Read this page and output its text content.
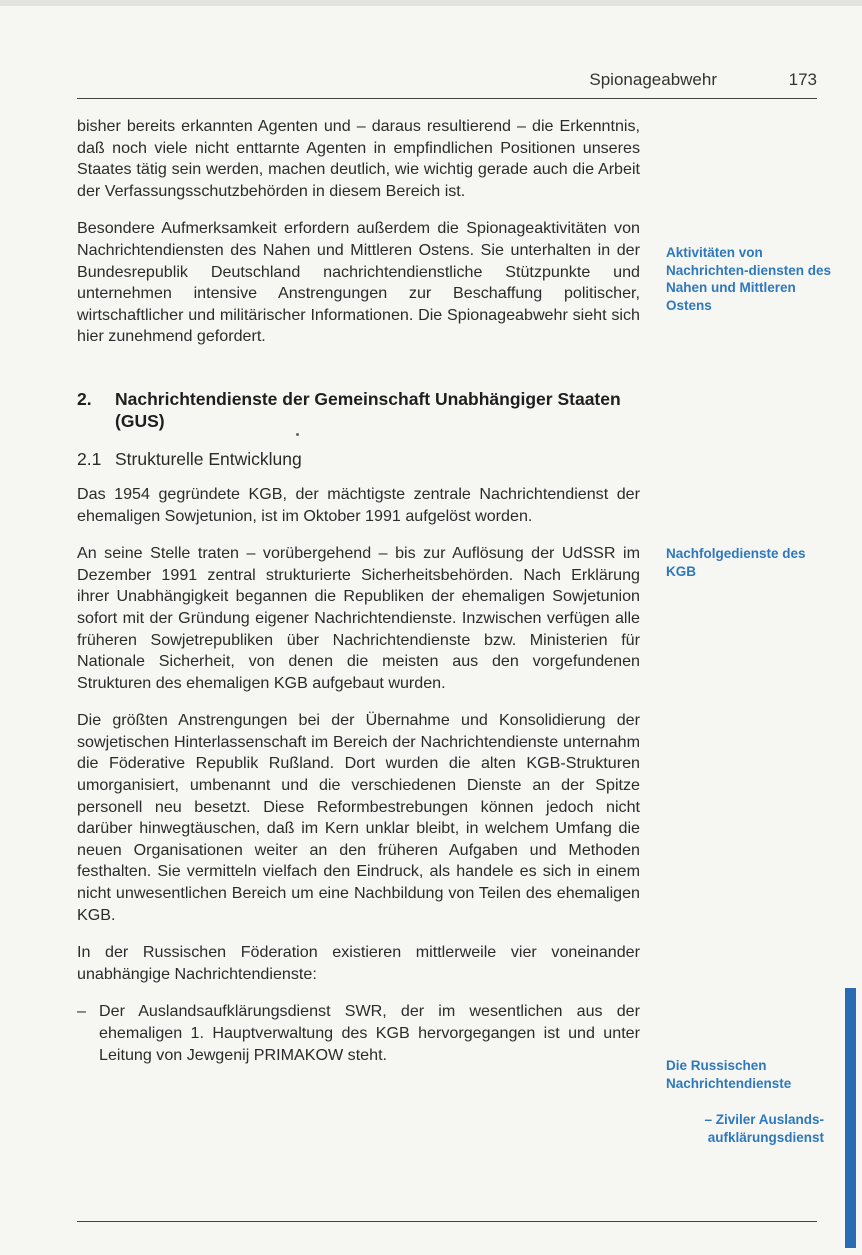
Spionageabwehr	173

bisher bereits erkannten Agenten und – daraus resultierend – die Erkenntnis, daß noch viele nicht enttarnte Agenten in empfindlichen Positionen unseres Staates tätig sein werden, machen deutlich, wie wichtig gerade auch die Arbeit der Verfassungsschutzbehörden in diesem Bereich ist.

Besondere Aufmerksamkeit erfordern außerdem die Spionageaktivitäten von Nachrichtendiensten des Nahen und Mittleren Ostens. Sie unterhalten in der Bundesrepublik Deutschland nachrichtendienstliche Stützpunkte und unternehmen intensive Anstrengungen zur Beschaffung politischer, wirtschaftlicher und militärischer Informationen. Die Spionageabwehr sieht sich hier zunehmend gefordert.

2.	Nachrichtendienste der Gemeinschaft Unabhängiger Staaten (GUS)
2.1 Strukturelle Entwicklung

Das 1954 gegründete KGB, der mächtigste zentrale Nachrichtendienst der ehemaligen Sowjetunion, ist im Oktober 1991 aufgelöst worden.

An seine Stelle traten – vorübergehend – bis zur Auflösung der UdSSR im Dezember 1991 zentral strukturierte Sicherheitsbehörden. Nach Erklärung ihrer Unabhängigkeit begannen die Republiken der ehemaligen Sowjetunion sofort mit der Gründung eigener Nachrichtendienste. Inzwischen verfügen alle früheren Sowjetrepubliken über Nachrichtendienste bzw. Ministerien für Nationale Sicherheit, von denen die meisten aus den vorgefundenen Strukturen des ehemaligen KGB aufgebaut wurden.

Die größten Anstrengungen bei der Übernahme und Konsolidierung der sowjetischen Hinterlassenschaft im Bereich der Nachrichtendienste unternahm die Föderative Republik Rußland. Dort wurden die alten KGB-Strukturen umorganisiert, umbenannt und die verschiedenen Dienste an der Spitze personell neu besetzt. Diese Reformbestrebungen können jedoch nicht darüber hinwegtäuschen, daß im Kern unklar bleibt, in welchem Umfang die neuen Organisationen weiter an den früheren Aufgaben und Methoden festhalten. Sie vermitteln vielfach den Eindruck, als handele es sich in einem nicht unwesentlichen Bereich um eine Nachbildung von Teilen des ehemaligen KGB.

In der Russischen Föderation existieren mittlerweile vier voneinander unabhängige Nachrichtendienste:

– Der Auslandsaufklärungsdienst SWR, der im wesentlichen aus der ehemaligen 1. Hauptverwaltung des KGB hervorgegangen ist und unter Leitung von Jewgenij PRIMAKOW steht.

Aktivitäten von Nachrichten-diensten des Nahen und Mittleren Ostens
Nachfolgedienste des KGB
Die Russischen Nachrichtendienste
– Ziviler Auslands-aufklärungsdienst
